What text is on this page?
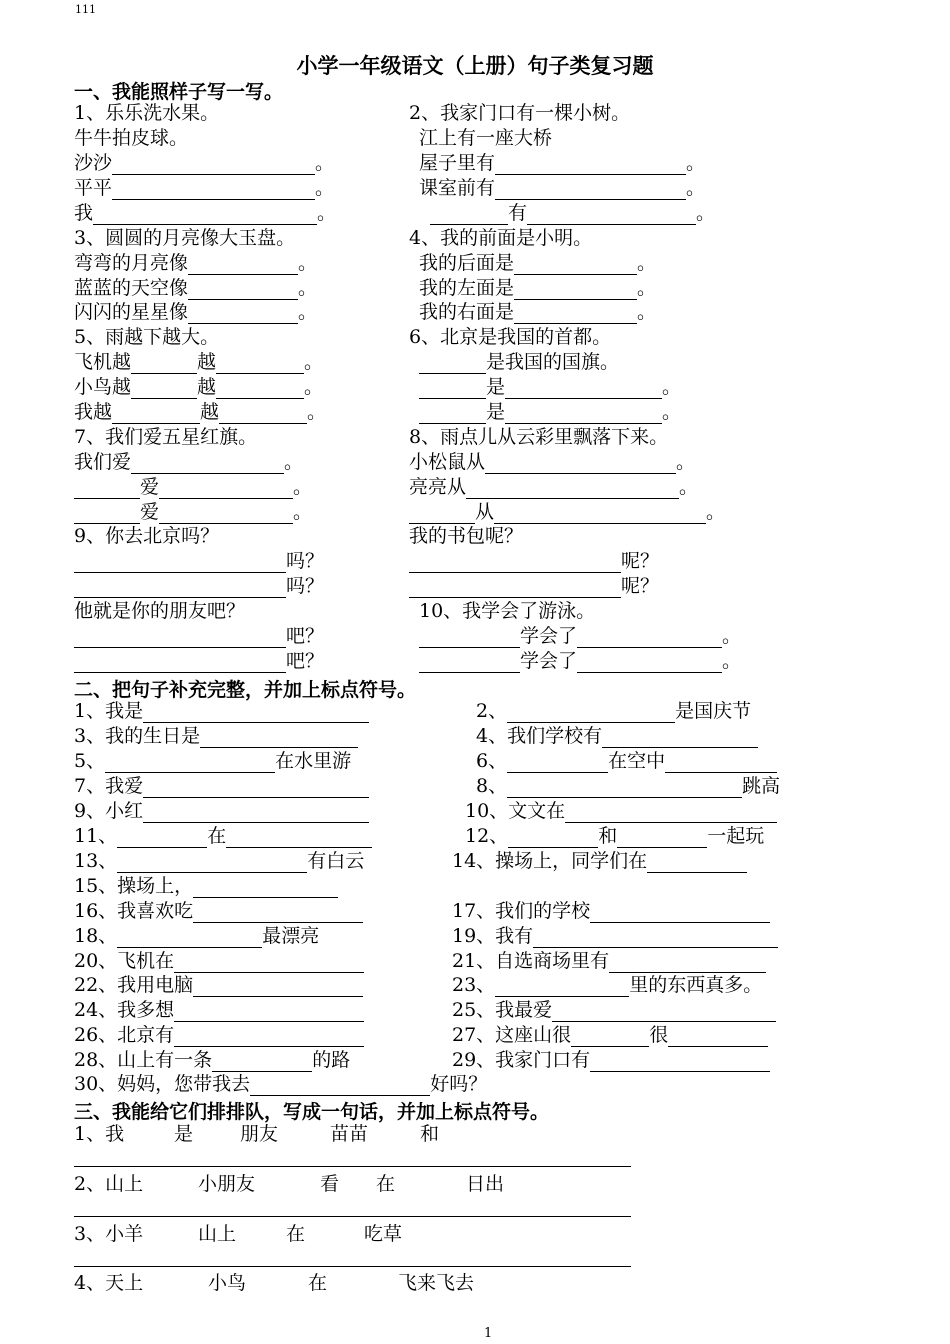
111
小学一年级语文（上册）句子类复习题
一、我能照样子写一写。
1、乐乐洗水果。
牛牛拍皮球。
沙沙	。
平平	。
我	。
3、圆圆的月亮像大玉盘。
弯弯的月亮像	。
蓝蓝的天空像	。
闪闪的星星像	。
5、雨越下越大。
飞机越	越	。
小鸟越	越	。
我越	越	。
7、我们爱五星红旗。
我们爱	。
爱	。
爱	。
9、你去北京吗？
吗？
吗？
他就是你的朋友吧？
吧？
吧？
2、我家门口有一棵小树。
江上有一座大桥
屋子里有	。
课室前有	。
有	。
4、我的前面是小明。
我的后面是	。
我的左面是	。
我的右面是	。
6、北京是我国的首都。
是我国的国旗。
是	。
是	。
8、雨点儿从云彩里飘落下来。
小松鼠从	。
亮亮从	。
从	。
我的书包呢？
呢？
呢？
10、我学会了游泳。
学会了	。
学会了	。
二、把句子补充完整，并加上标点符号。
1、我是
3、我的生日是
5、	在水里游
7、我爱
9、小红
11、	在
13、	有白云
15、操场上，
16、我喜欢吃
18、	最漂亮
20、飞机在
22、我用电脑
24、我多想
26、北京有
28、山上有一条	的路
30、妈妈，您带我去	好吗？
2、	是国庆节
4、我们学校有
6、	在空中
8、	跳高
10、文文在
12、	和	一起玩
14、操场上，同学们在
17、我们的学校
19、我有
21、自选商场里有
23、	里的东西真多。
25、我最爱
27、这座山很	很
29、我家门口有
三、我能给它们排排队，写成一句话，并加上标点符号。
1、我	是 朋友	苗苗	和
2、山上	小朋友	看 在	日出
3、小羊	山上	在	吃草
4、天上	小鸟	在	飞来飞去
1
